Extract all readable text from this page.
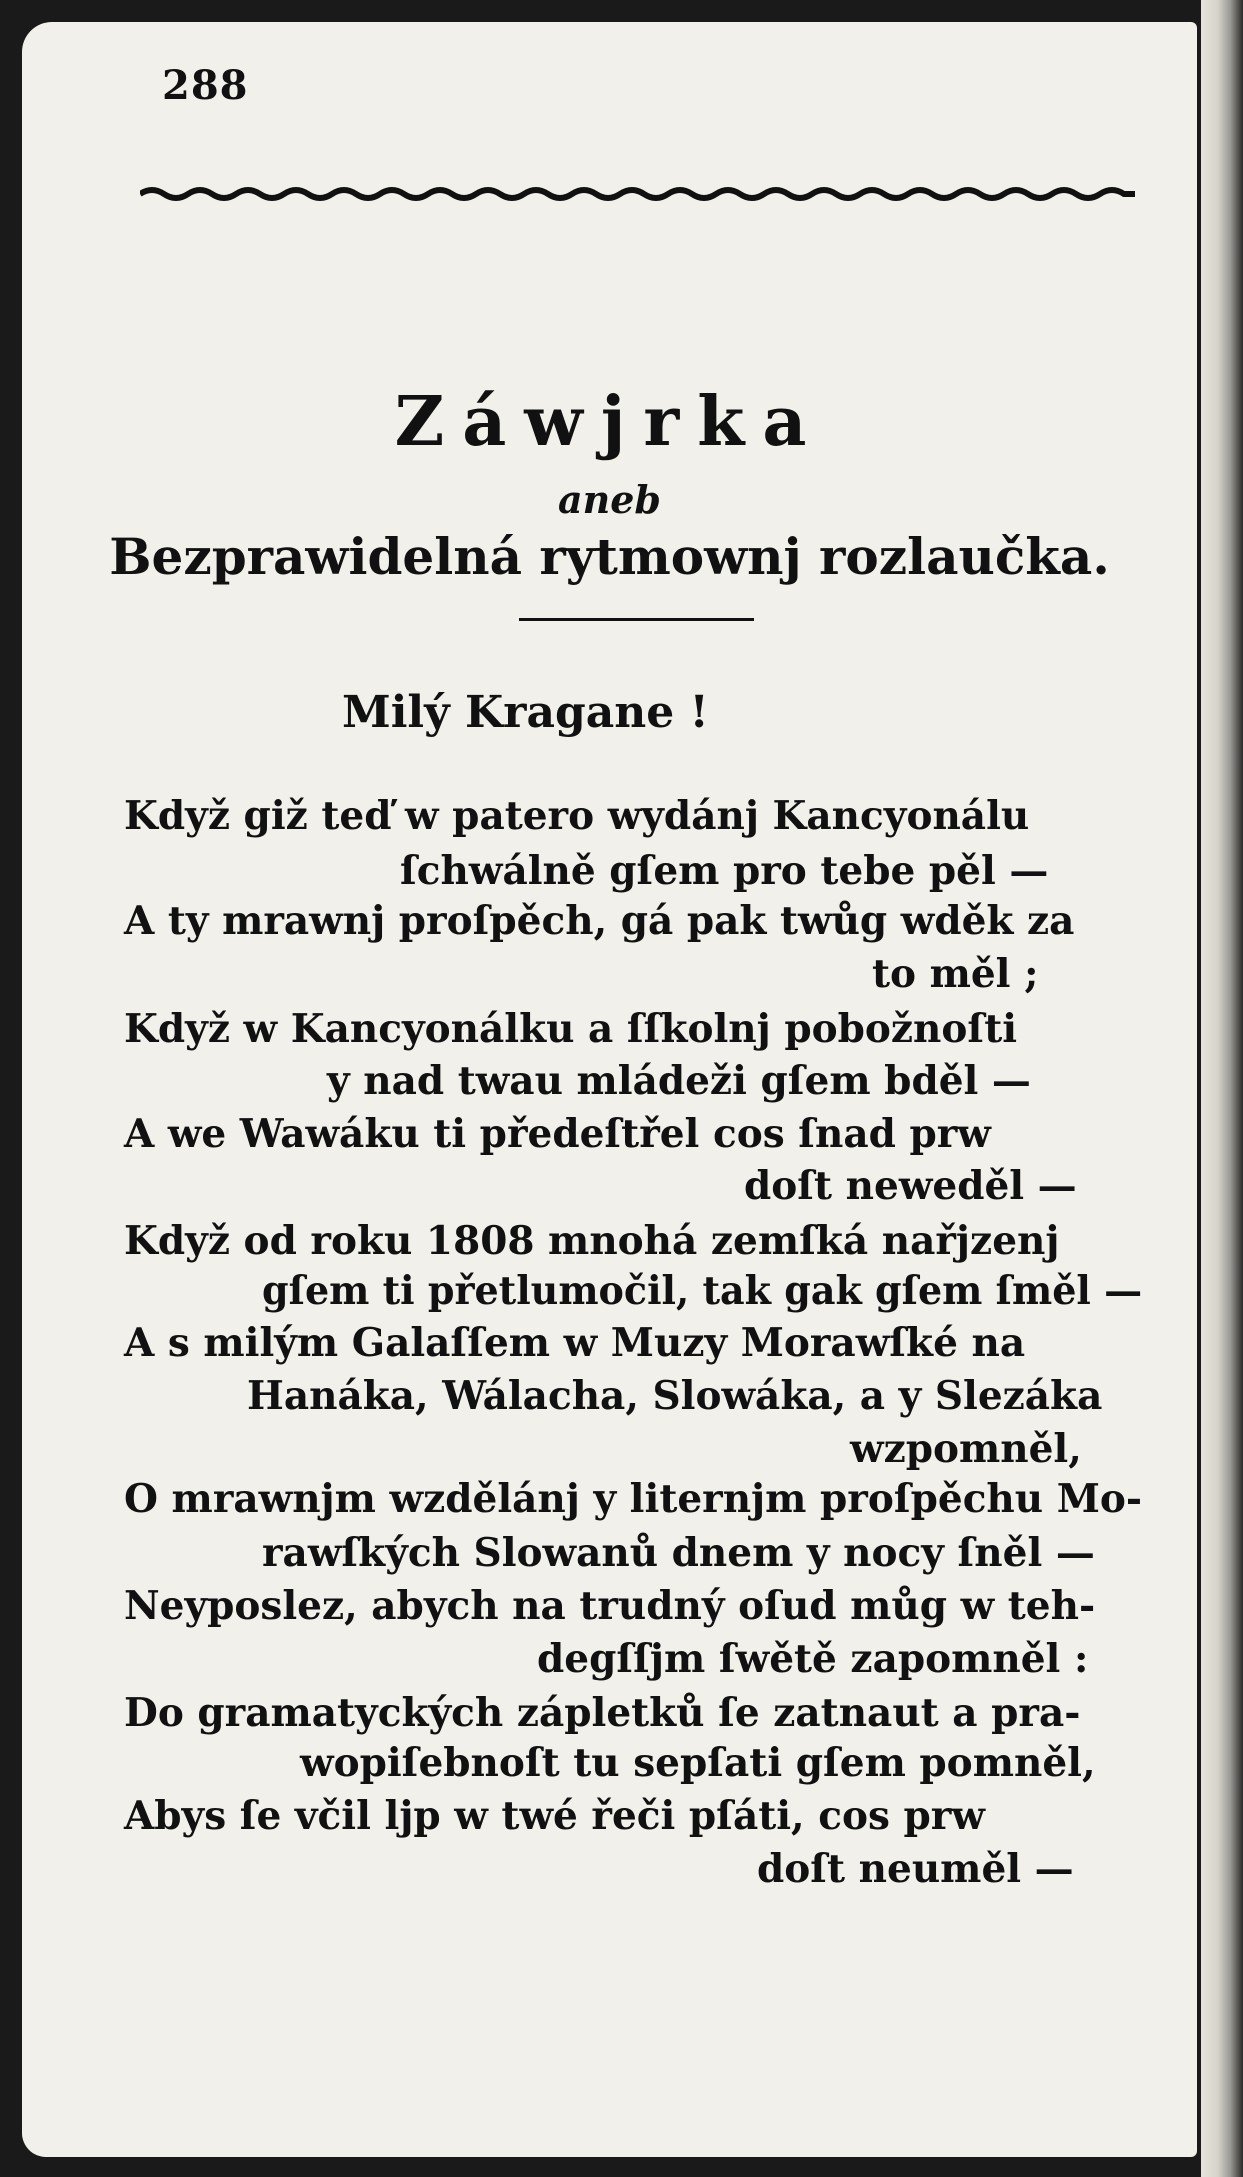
288
Záwjrka
aneb
Bezprawidelná rytmownj rozlaučka.
Milý Kragane !
Když giž teď w patero wydánj Kancyonálu
ſchwálně gſem pro tebe pěl —
A ty mrawnj proſpěch, gá pak twůg wděk za
to měl ;
Když w Kancyonálku a ſſkolnj pobožnoſti
y nad twau mládeži gſem bděl —
A we Wawáku ti předeſtřel cos ſnad prw
doſt neweděl —
Když od roku 1808 mnohá zemſká nařjzenj
gſem ti přetlumočil, tak gak gſem ſměl —
A s milým Galaſſem w Muzy Morawſké na
Hanáka, Wálacha, Slowáka, a y Slezáka
wzpomněl,
O mrawnjm wzdělánj y liternjm proſpěchu Mo-
rawſkých Slowanů dnem y nocy ſněl —
Neyposlez, abych na trudný oſud můg w teh-
degſſjm ſwětě zapomněl :
Do gramatyckých zápletků ſe zatnaut a pra-
wopiſebnoſt tu sepſati gſem pomněl,
Abys ſe včil ljp w twé řeči pſáti, cos prw
doſt neuměl —
